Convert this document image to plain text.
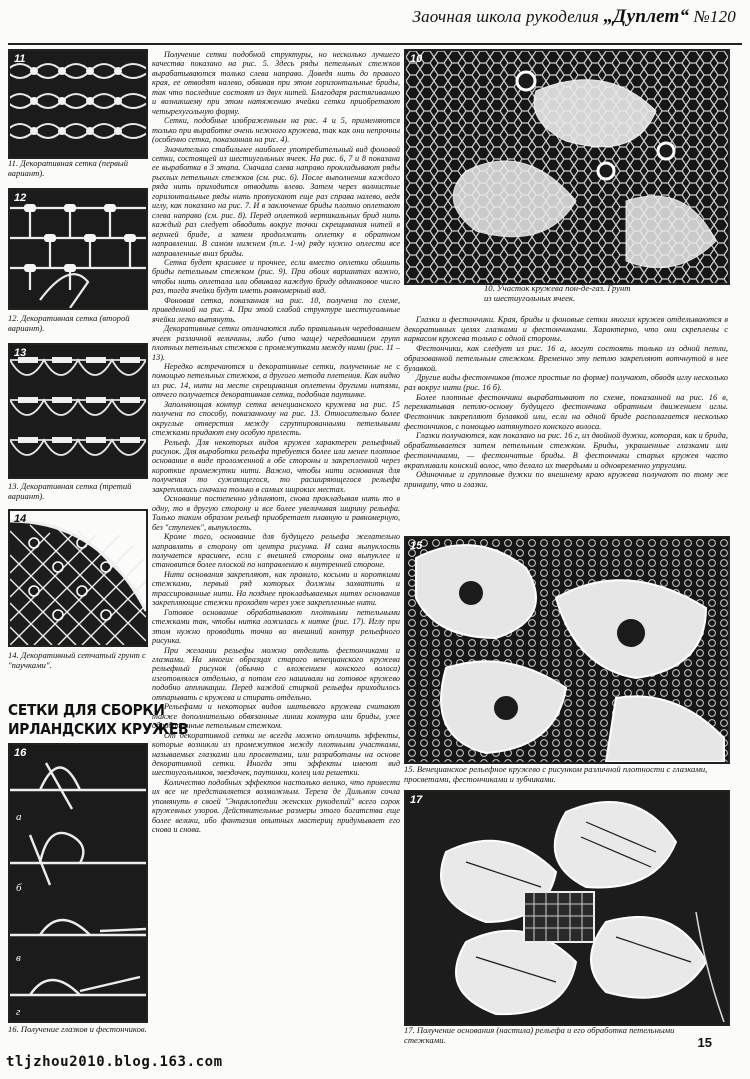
Заочная школа рукоделия „Дуплет“ №120
11
11. Декоративная сетка (первый вариант).
12
12. Декоративная сетка (второй вариант).
13
13. Декоративная сетка (третий вариант).
14
14. Декоративный сетчатый грунт с "паучками".
СЕТКИ ДЛЯ СБОРКИ
ИРЛАНДСКИХ КРУЖЕВ
а
б
в
г
16
16. Получение глазков и фестончиков.

Получение сетки подобной структуры, но несколько лучшего качества показано на рис. 5. Здесь ряды петельных стежков вырабатываются только слева направо. Доведя нить до правого края, ее отводят налево, обвивая при этом горизонтальные бриды, так что последние состоят из двух нитей. Благодаря растягиванию и возникшему при этом натяжению ячейки сетки приобретают четырехугольную форму.

Сетки, подобные изображенным на рис. 4 и 5, применяются только при выработке очень нежного кружева, так как они непрочны (особенно сетка, показанная на рис. 4).

Значительно стабильнее наиболее употребительный вид фоновой сетки, состоящей из шестиугольных ячеек. На рис. 6, 7 и 8 показана ее выработка в 3 этапа. Сначала слева направо прокладывают ряды рыхлых петельных стежков (см. рис. 6). После выполнения каждого ряда нить приходится отводить влево. Затем через волнистые горизонтальные ряды нить пропускают еще раз справа налево, ведя иглу, как показано на рис. 7. И в заключение бриды плотно оплетают слева направо (см. рис. 8). Перед оплеткой вертикальных брид нить каждый раз следует обводить вокруг точки скрещивания нитей в верхней бриде, а затем продолжать оплетку в обратном направлении. В самом нижнем (т.е. 1-м) ряду нужно оплести все направленные вниз бриды.

Сетка будет красивее и прочнее, если вместо оплетки обшить бриды петельным стежком (рис. 9). При обоих вариантах важно, чтобы нить оплетала или обвивала каждую бриду одинаковое число раз, тогда ячейки будут иметь равномерный вид.

Фоновая сетка, показанная на рис. 10, получена по схеме, приведенной на рис. 4. При этой слабой структуре шестиугольные ячейки легко вытянуть.

Декоративные сетки отличаются либо правильным чередованием ячеек различной величины, либо (что чаще) чередованием групп плотных петельных стежков с промежутками между ними (рис. 11 – 13).

Нередко встречаются и декоративные сетки, полученные не с помощью петельных стежков, а другого метода плетения. Как видно из рис. 14, нити на месте скрещивания оплетены другими нитями, отчего получается декоративная сетка, подобная паутинке.

Заполняющая контур сетка венецианского кружева на рис. 15 получена по способу, показанному на рис. 13. Относительно более округлые отверстия между сгруппированными петельными стежками придают ему особую прелесть.

Рельеф. Для некоторых видов кружев характерен рельефный рисунок. Для выработки рельефа требуется более или менее плотное основание в виде проложенной в обе стороны и закрепленной через короткие промежутки нити. Важно, чтобы нити основания для получения то сужающегося, то расширяющегося рельефа закреплялись сначала только в самых широких местах.

Основание постепенно удлиняют, снова прокладывая нить то в одну, то в другую сторону и все более увеличивая ширину рельефа. Только таким образом рельеф приобретает плавную и равномерную, без "ступенек", выпуклость.

Кроме того, основание для будущего рельефа желательно направлять в сторону от центра рисунка. И сама выпуклость получается красивее, если с внешней стороны она выпуклее и становится более плоской по направлению к внутренней стороне.

Нити основания закрепляют, как правило, косыми и короткими стежками, первый ряд которых должны захватить и трассированные нити. На позднее прокладываемых нитях основания закрепляющие стежки проходят через уже закрепленные нити.

Готовое основание обрабатывают плотными петельными стежками так, чтобы нитка ложилась к нитке (рис. 17). Иглу при этом нужно проводить точно во внешний контур рельефного рисунка.

При желании рельефы можно отделить фестончиками и глазками. На многих образцах старого венецианского кружева рельефный рисунок (обычно с вложением конского волоса) изготовлялся отдельно, а потом его нашивали на готовое кружево подобно аппликации. Перед каждой стиркой рельефы приходилось отпарывать с кружева и стирать отдельно.

Рельефами и некоторых видов шитьевого кружева считают также дополнительно обвязанные линии контура или бриды, уже обработанные петельным стежком.

От декоративной сетки не всегда можно отличить эффекты, которые возникли из промежутков между плотными участками, называемых глазками или просветами, или разработаны на основе декоративной сетки. Иногда эти эффекты имеют вид шестиугольников, звездочек, паутинки, колец или решетки.

Количество подобных эффектов настолько велико, что привести их все не представляется возможным. Тереза де Дильмон сочла упомянуть в своей "Энциклопедии женских рукоделий" всего сорок кружевных узоров. Действительные размеры этого богатства еще более велики, ибо фантазия опытных мастериц придумывает его снова и снова.

10
10. Участок кружева пон-де-газ. Грунт из шестиугольных ячеек.

Глазки и фестончики. Края, бриды и фоновые сетки многих кружев отделываются в декоративных целях глазками и фестончиками. Характерно, что они скреплены с каркасом кружева только с одной стороны.

Фестончики, как следует из рис. 16 а, могут состоять только из одной петли, образованной петельным стежком. Временно эту петлю закрепляют вотчнутой в нее булавкой.

Другие виды фестончиков (тоже простые по форме) получают, обводя иглу несколько раз вокруг нити (рис. 16 б).

Более плотные фестончики вырабатывают по схеме, показанной на рис. 16 в, перехватывая петлю-основу будущего фестончика обратным движением иглы. Фестончик закрепляют булавкой или, если на одной бриде располагается несколько фестончиков, с помощью натянутого конского волоса.

Глазки получаются, как показано на рис. 16 г, из двойной дужки, которая, как и брида, обрабатывается затем петельным стежком. Бриды, украшенные глазками или фестончиками, — фестончатые бриды. В фестончики старых кружев часто вкрапливали конский волос, что делало их твердыми и одновременно упругими.

Одиночные и групповые дужки по внешнему краю кружева получают по тому же принципу, что и глазки.

15
15. Венецианское рельефное кружево с рисунком различной плотности с глазками, просветами, фестончиками и зубчиками.
17
17. Получение основания (настила) рельефа и его обработка петельными стежками.	15
tljzhou2010.blog.163.com
